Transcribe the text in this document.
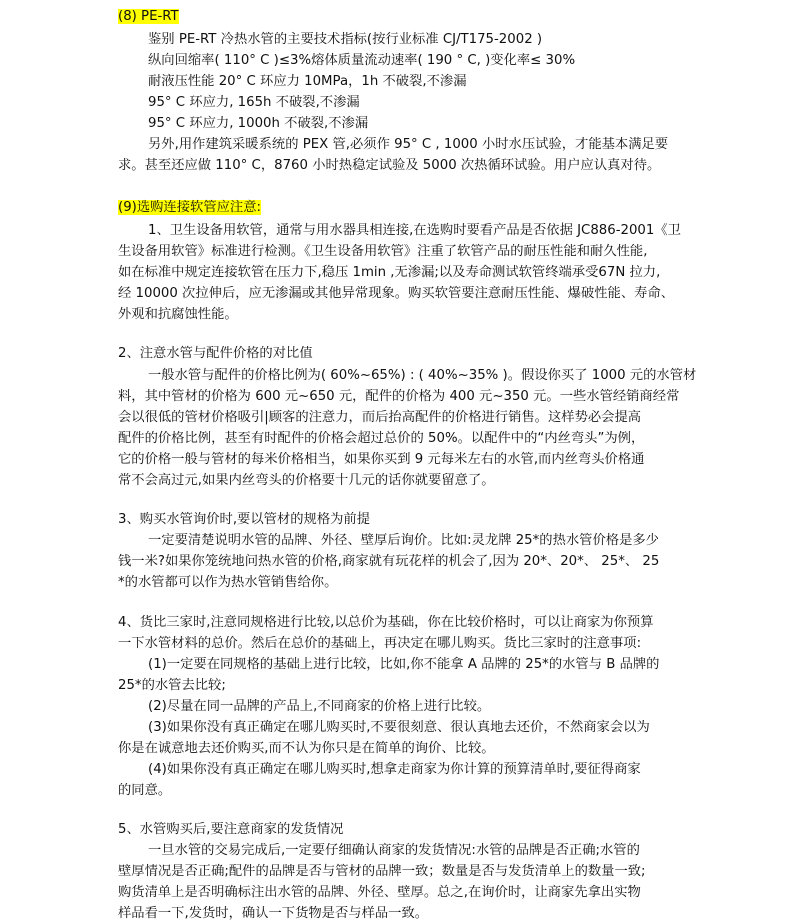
(8) PE-RT
鉴别 PE-RT 冷热水管的主要技术指标(按行业标准 CJ/T175-2002 )
纵向回缩率( 110° C )≤3%熔体质量流动速率( 190 ° C, )变化率≤ 30%
耐液压性能 20° C 环应力 10MPa，1h 不破裂,不渗漏
95° C 环应力, 165h 不破裂,不渗漏
95° C 环应力, 1000h 不破裂,不渗漏
另外,用作建筑采暖系统的 PEX 管,必须作 95° C , 1000 小时水压试验，才能基本满足要
求。甚至还应做 110° C，8760 小时热稳定试验及 5000 次热循环试验。用户应认真对待。
(9)选购连接软管应注意:
1、卫生设备用软管，通常与用水器具相连接,在选购时要看产品是否依据 JC886-2001《卫
生设备用软管》标准进行检测。《卫生设备用软管》注重了软管产品的耐压性能和耐久性能,
如在标准中规定连接软管在压力下,稳压 1min ,无渗漏;以及寿命测试软管终端承受67N 拉力,
经 10000 次拉伸后，应无渗漏或其他异常现象。购买软管要注意耐压性能、爆破性能、寿命、
外观和抗腐蚀性能。
2、注意水管与配件价格的对比值
一般水管与配件的价格比例为( 60%~65%) : ( 40%~35% )。假设你买了 1000 元的水管材
料，其中管材的价格为 600 元~650 元，配件的价格为 400 元~350 元。一些水管经销商经常
会以很低的管材价格吸引|顾客的注意力，而后抬高配件的价格进行销售。这样势必会提高
配件的价格比例，甚至有时配件的价格会超过总价的 50%。以配件中的“内丝弯头”为例，
它的价格一般与管材的每米价格相当，如果你买到 9 元每米左右的水管,而内丝弯头价格通
常不会高过元,如果内丝弯头的价格要十几元的话你就要留意了。
3、购买水管询价时,要以管材的规格为前提
一定要清楚说明水管的品牌、外径、壁厚后询价。比如:灵龙牌 25*的热水管价格是多少
钱一米?如果你笼统地问热水管的价格,商家就有玩花样的机会了,因为 20*、20*、 25*、 25
*的水管都可以作为热水管销售给你。
4、货比三家时,注意同规格进行比较,以总价为基础，你在比较价格时，可以让商家为你预算
一下水管材料的总价。然后在总价的基础上，再决定在哪儿购买。货比三家时的注意事项:
(1)一定要在同规格的基础上进行比较，比如,你不能拿 A 品牌的 25*的水管与 B 品牌的
25*的水管去比较;
(2)尽量在同一品牌的产品上,不同商家的价格上进行比较。
(3)如果你没有真正确定在哪儿购买时,不要很刻意、很认真地去还价，不然商家会以为
你是在诚意地去还价购买,而不认为你只是在简单的询价、比较。
(4)如果你没有真正确定在哪儿购买时,想拿走商家为你计算的预算清单时,要征得商家
的同意。
5、水管购买后,要注意商家的发货情况
一旦水管的交易完成后,一定要仔细确认商家的发货情况:水管的品牌是否正确;水管的
壁厚情况是否正确;配件的品牌是否与管材的品牌一致；数量是否与发货清单上的数量一致;
购货清单上是否明确标注出水管的品牌、外径、壁厚。总之,在询价时，让商家先拿出实物
样品看一下,发货时，确认一下货物是否与样品一致。
